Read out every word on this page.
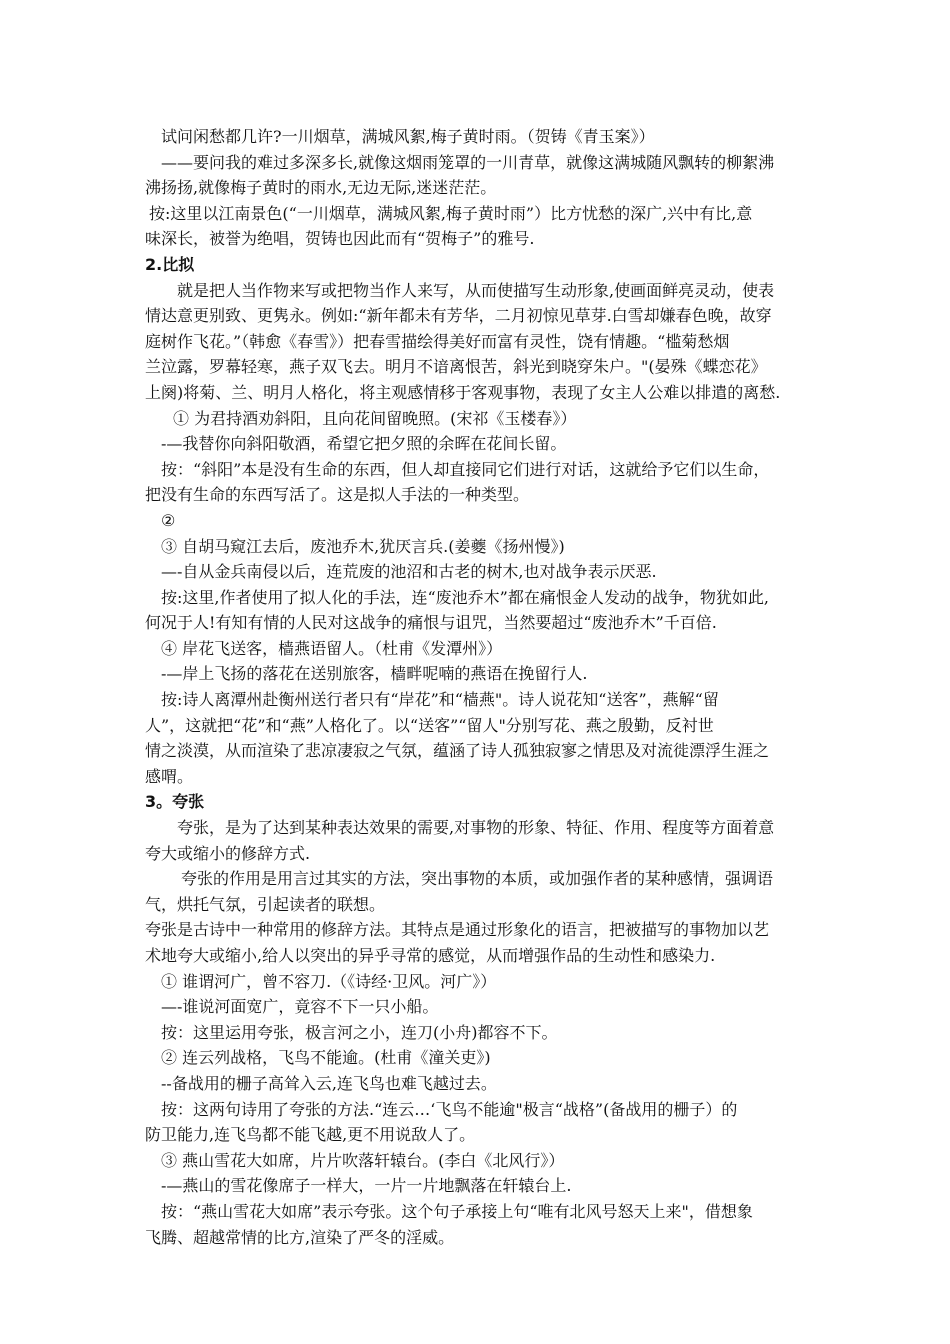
试问闲愁都几许?一川烟草，满城风絮,梅子黄时雨。（贺铸《青玉案》）
——要问我的难过多深多长,就像这烟雨笼罩的一川青草，就像这满城随风飘转的柳絮沸
沸扬扬,就像梅子黄时的雨水,无边无际,迷迷茫茫。
按:这里以江南景色(“一川烟草，满城风絮,梅子黄时雨”）比方忧愁的深广,兴中有比,意
味深长，被誉为绝唱，贺铸也因此而有“贺梅子”的雅号.
2.比拟
就是把人当作物来写或把物当作人来写，从而使描写生动形象,使画面鲜亮灵动，使表
情达意更别致、更隽永。例如:“新年都未有芳华，二月初惊见草芽.白雪却嫌春色晚，故穿
庭树作飞花。”（韩愈《春雪》）把春雪描绘得美好而富有灵性，饶有情趣。“槛菊愁烟
兰泣露，罗幕轻寒，燕子双飞去。明月不谙离恨苦，斜光到晓穿朱户。"(晏殊《蝶恋花》
上阕)将菊、兰、明月人格化，将主观感情移于客观事物，表现了女主人公难以排遣的离愁.
① 为君持酒劝斜阳，且向花间留晚照。(宋祁《玉楼春》）
-—我替你向斜阳敬酒，希望它把夕照的余晖在花间长留。
按：“斜阳”本是没有生命的东西，但人却直接同它们进行对话，这就给予它们以生命，
把没有生命的东西写活了。这是拟人手法的一种类型。
②
③ 自胡马窥江去后，废池乔木,犹厌言兵.(姜夔《扬州慢》)
—-自从金兵南侵以后，连荒废的池沼和古老的树木,也对战争表示厌恶.
按:这里,作者使用了拟人化的手法，连“废池乔木”都在痛恨金人发动的战争，物犹如此,
何况于人!有知有情的人民对这战争的痛恨与诅咒，当然要超过“废池乔木”千百倍.
④ 岸花飞送客，樯燕语留人。（杜甫《发潭州》）
-—岸上飞扬的落花在送别旅客，樯畔呢喃的燕语在挽留行人.
按:诗人离潭州赴衡州送行者只有“岸花”和“樯燕"。诗人说花知“送客”，燕解“留
人”，这就把“花”和“燕”人格化了。以“送客”“留人"分别写花、燕之殷勤，反衬世
情之淡漠，从而渲染了悲凉凄寂之气氛，蕴涵了诗人孤独寂寥之情思及对流徙漂浮生涯之
感喟。
3。夸张
夸张，是为了达到某种表达效果的需要,对事物的形象、特征、作用、程度等方面着意
夸大或缩小的修辞方式.
夸张的作用是用言过其实的方法，突出事物的本质，或加强作者的某种感情，强调语
气，烘托气氛，引起读者的联想。
夸张是古诗中一种常用的修辞方法。其特点是通过形象化的语言，把被描写的事物加以艺
术地夸大或缩小,给人以突出的异乎寻常的感觉，从而增强作品的生动性和感染力.
① 谁谓河广，曾不容刀.（《诗经·卫风。河广》）
—-谁说河面宽广，竟容不下一只小船。
按：这里运用夸张，极言河之小，连刀(小舟)都容不下。
② 连云列战格，飞鸟不能逾。(杜甫《潼关吏》)
--备战用的栅子高耸入云,连飞鸟也难飞越过去。
按：这两句诗用了夸张的方法.“连云…‘飞鸟不能逾"极言“战格”(备战用的栅子）的
防卫能力,连飞鸟都不能飞越,更不用说敌人了。
③ 燕山雪花大如席，片片吹落轩辕台。(李白《北风行》）
-—燕山的雪花像席子一样大，一片一片地飘落在轩辕台上.
按：“燕山雪花大如席”表示夸张。这个句子承接上句“唯有北风号怒天上来"，借想象
飞腾、超越常情的比方,渲染了严冬的淫威。
